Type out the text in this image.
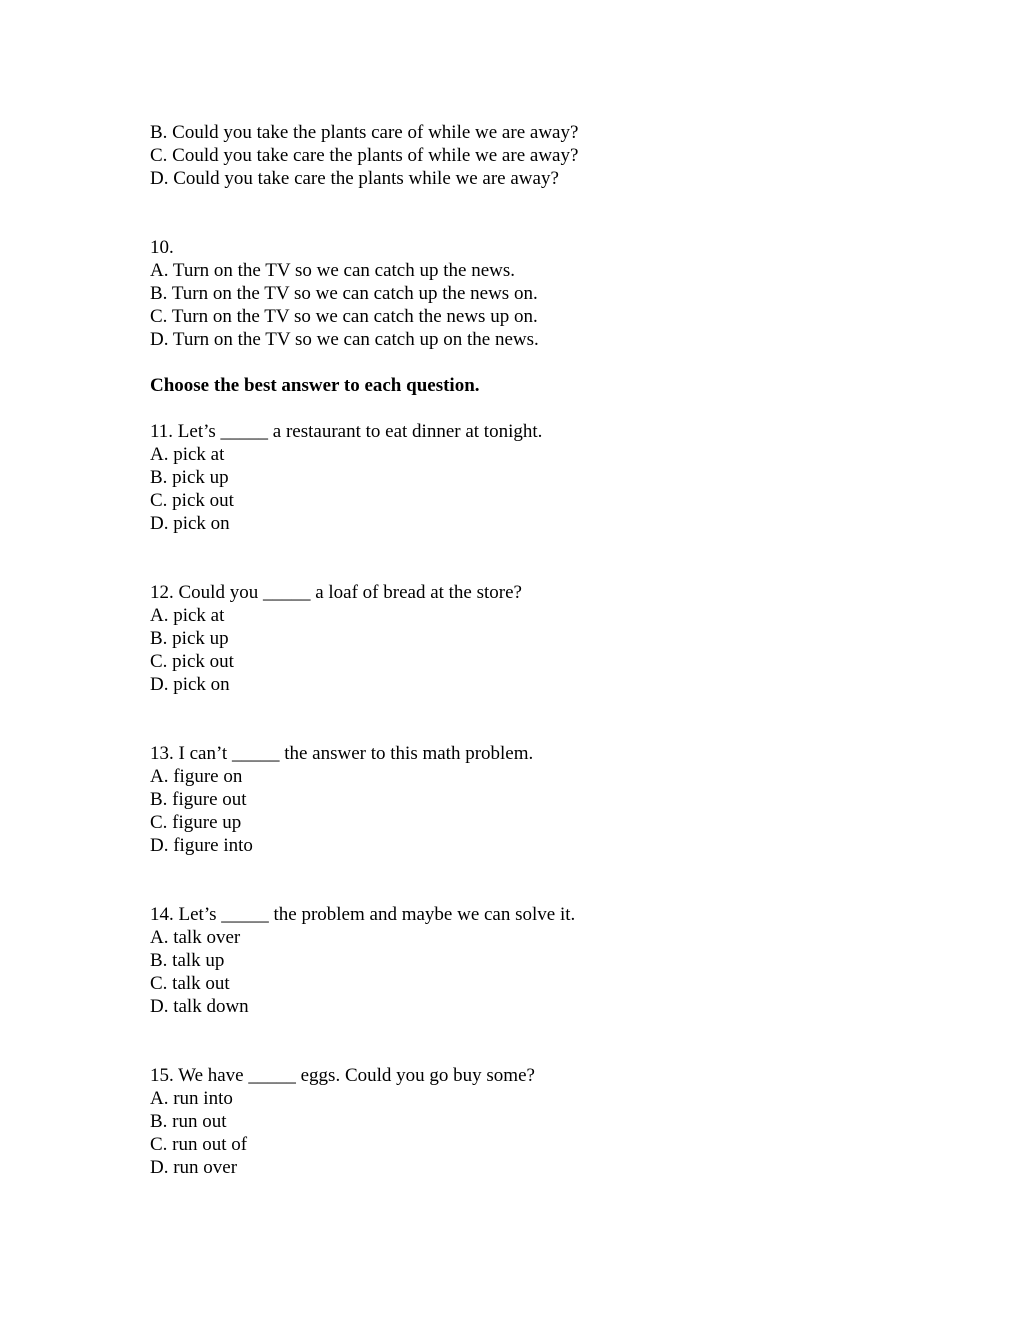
B. Could you take the plants care of while we are away?
C. Could you take care the plants of while we are away?
D. Could you take care the plants while we are away?
10.
A. Turn on the TV so we can catch up the news.
B. Turn on the TV so we can catch up the news on.
C. Turn on the TV so we can catch the news up on.
D. Turn on the TV so we can catch up on the news.
Choose the best answer to each question.
11. Let’s _____ a restaurant to eat dinner at tonight.
A. pick at
B. pick up
C. pick out
D. pick on
12. Could you _____ a loaf of bread at the store?
A. pick at
B. pick up
C. pick out
D. pick on
13. I can’t _____ the answer to this math problem.
A. figure on
B. figure out
C. figure up
D. figure into
14. Let’s _____ the problem and maybe we can solve it.
A. talk over
B. talk up
C. talk out
D. talk down
15. We have _____ eggs. Could you go buy some?
A. run into
B. run out
C. run out of
D. run over
